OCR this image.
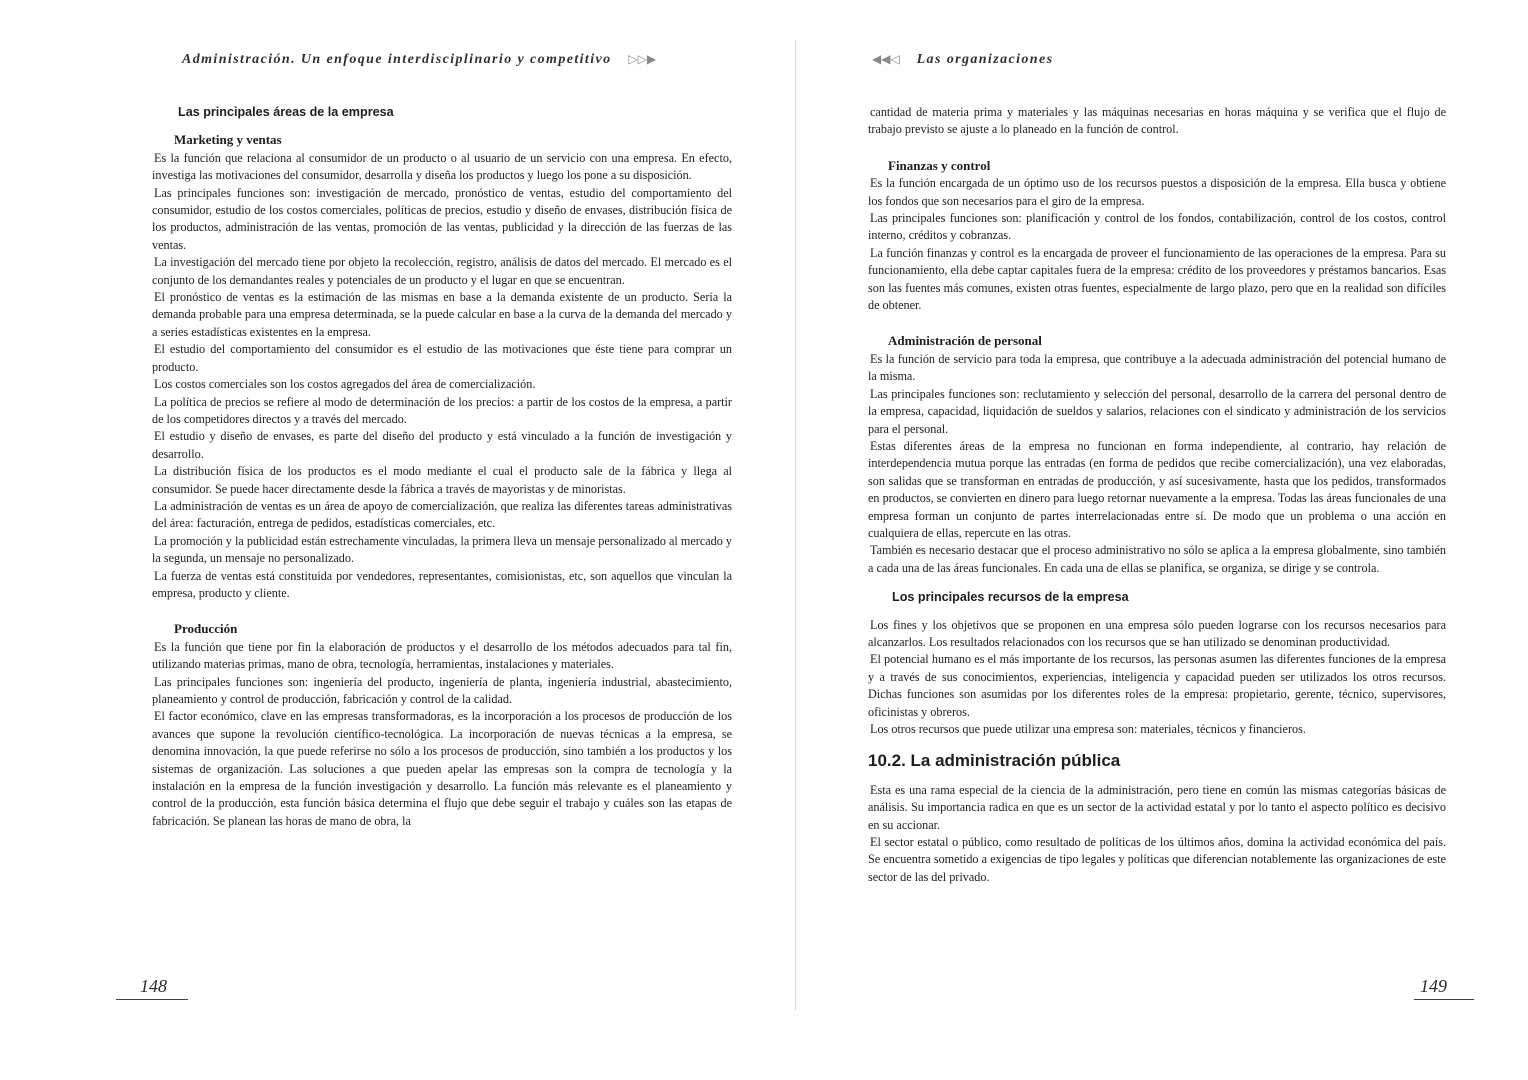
Administración. Un enfoque interdisciplinario y competitivo ▷▷▶
Las principales áreas de la empresa
Marketing y ventas

Es la función que relaciona al consumidor de un producto o al usuario de un servicio con una empresa. En efecto, investiga las motivaciones del consumidor, desarrolla y diseña los productos y luego los pone a su disposición.

Las principales funciones son: investigación de mercado, pronóstico de ventas, estudio del comportamiento del consumidor, estudio de los costos comerciales, políticas de precios, estudio y diseño de envases, distribución física de los productos, administración de las ventas, promoción de las ventas, publicidad y la dirección de las fuerzas de las ventas.

La investigación del mercado tiene por objeto la recolección, registro, análisis de datos del mercado. El mercado es el conjunto de los demandantes reales y potenciales de un producto y el lugar en que se encuentran.

El pronóstico de ventas es la estimación de las mismas en base a la demanda existente de un producto. Sería la demanda probable para una empresa determinada, se la puede calcular en base a la curva de la demanda del mercado y a series estadísticas existentes en la empresa.

El estudio del comportamiento del consumidor es el estudio de las motivaciones que éste tiene para comprar un producto.

Los costos comerciales son los costos agregados del área de comercialización.

La política de precios se refiere al modo de determinación de los precios: a partir de los costos de la empresa, a partir de los competidores directos y a través del mercado.

El estudio y diseño de envases, es parte del diseño del producto y está vinculado a la función de investigación y desarrollo.

La distribución física de los productos es el modo mediante el cual el producto sale de la fábrica y llega al consumidor. Se puede hacer directamente desde la fábrica a través de mayoristas y de minoristas.

La administración de ventas es un área de apoyo de comercialización, que realiza las diferentes tareas administrativas del área: facturación, entrega de pedidos, estadísticas comerciales, etc.

La promoción y la publicidad están estrechamente vinculadas, la primera lleva un mensaje personalizado al mercado y la segunda, un mensaje no personalizado.

La fuerza de ventas está constituida por vendedores, representantes, comisionistas, etc, son aquellos que vinculan la empresa, producto y cliente.

Producción

Es la función que tiene por fin la elaboración de productos y el desarrollo de los métodos adecuados para tal fin, utilizando materias primas, mano de obra, tecnología, herramientas, instalaciones y materiales.

Las principales funciones son: ingeniería del producto, ingeniería de planta, ingeniería industrial, abastecimiento, planeamiento y control de producción, fabricación y control de la calidad.

El factor económico, clave en las empresas transformadoras, es la incorporación a los procesos de producción de los avances que supone la revolución científico-tecnológica. La incorporación de nuevas técnicas a la empresa, se denomina innovación, la que puede referirse no sólo a los procesos de producción, sino también a los productos y los sistemas de organización. Las soluciones a que pueden apelar las empresas son la compra de tecnología y la instalación en la empresa de la función investigación y desarrollo. La función más relevante es el planeamiento y control de la producción, esta función básica determina el flujo que debe seguir el trabajo y cuáles son las etapas de fabricación. Se planean las horas de mano de obra, la

148
◀◀◁ Las organizaciones

cantidad de materia prima y materiales y las máquinas necesarias en horas máquina y se verifica que el flujo de trabajo previsto se ajuste a lo planeado en la función de control.

Finanzas y control

Es la función encargada de un óptimo uso de los recursos puestos a disposición de la empresa. Ella busca y obtiene los fondos que son necesarios para el giro de la empresa.

Las principales funciones son: planificación y control de los fondos, contabilización, control de los costos, control interno, créditos y cobranzas.

La función finanzas y control es la encargada de proveer el funcionamiento de las operaciones de la empresa. Para su funcionamiento, ella debe captar capitales fuera de la empresa: crédito de los proveedores y préstamos bancarios. Esas son las fuentes más comunes, existen otras fuentes, especialmente de largo plazo, pero que en la realidad son difíciles de obtener.

Administración de personal

Es la función de servicio para toda la empresa, que contribuye a la adecuada administración del potencial humano de la misma.

Las principales funciones son: reclutamiento y selección del personal, desarrollo de la carrera del personal dentro de la empresa, capacidad, liquidación de sueldos y salarios, relaciones con el sindicato y administración de los servicios para el personal.

Estas diferentes áreas de la empresa no funcionan en forma independiente, al contrario, hay relación de interdependencia mutua porque las entradas (en forma de pedidos que recibe comercialización), una vez elaboradas, son salidas que se transforman en entradas de producción, y así sucesivamente, hasta que los pedidos, transformados en productos, se convierten en dinero para luego retornar nuevamente a la empresa. Todas las áreas funcionales de una empresa forman un conjunto de partes interrelacionadas entre sí. De modo que un problema o una acción en cualquiera de ellas, repercute en las otras.

También es necesario destacar que el proceso administrativo no sólo se aplica a la empresa globalmente, sino también a cada una de las áreas funcionales. En cada una de ellas se planifica, se organiza, se dirige y se controla.

Los principales recursos de la empresa

Los fines y los objetivos que se proponen en una empresa sólo pueden lograrse con los recursos necesarios para alcanzarlos. Los resultados relacionados con los recursos que se han utilizado se denominan productividad.

El potencial humano es el más importante de los recursos, las personas asumen las diferentes funciones de la empresa y a través de sus conocimientos, experiencias, inteligencia y capacidad pueden ser utilizados los otros recursos. Dichas funciones son asumidas por los diferentes roles de la empresa: propietario, gerente, técnico, supervisores, oficinistas y obreros.

Los otros recursos que puede utilizar una empresa son: materiales, técnicos y financieros.

10.2. La administración pública

Esta es una rama especial de la ciencia de la administración, pero tiene en común las mismas categorías básicas de análisis. Su importancia radica en que es un sector de la actividad estatal y por lo tanto el aspecto político es decisivo en su accionar.

El sector estatal o público, como resultado de políticas de los últimos años, domina la actividad económica del país. Se encuentra sometido a exigencias de tipo legales y políticas que diferencian notablemente las organizaciones de este sector de las del privado.

149
